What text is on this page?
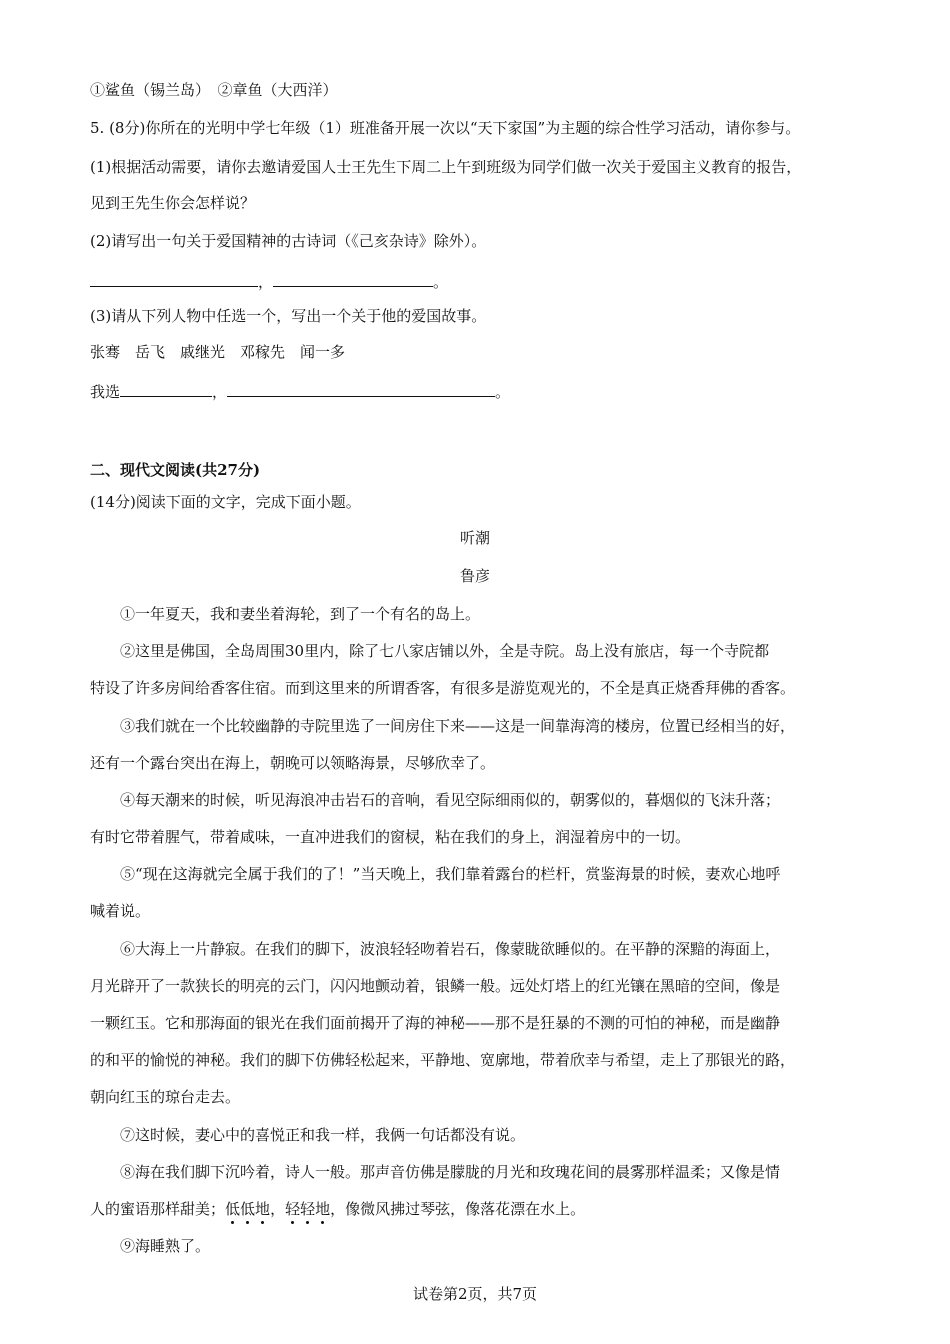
①鲨鱼（锡兰岛）　②章鱼（大西洋）
5. (8分)你所在的光明中学七年级（1）班准备开展一次以“天下家国”为主题的综合性学习活动，请你参与。
(1)根据活动需要，请你去邀请爱国人士王先生下周二上午到班级为同学们做一次关于爱国主义教育的报告，
见到王先生你会怎样说？
(2)请写出一句关于爱国精神的古诗词（《己亥杂诗》除外）。
，	。
(3)请从下列人物中任选一个，写出一个关于他的爱国故事。
张骞　岳飞　戚继光　邓稼先　闻一多
我选	，	。
二、现代文阅读(共27分)
(14分)阅读下面的文字，完成下面小题。
听潮
鲁彦
①一年夏天，我和妻坐着海轮，到了一个有名的岛上。
②这里是佛国，全岛周围30里内，除了七八家店铺以外，全是寺院。岛上没有旅店，每一个寺院都
特设了许多房间给香客住宿。而到这里来的所谓香客，有很多是游览观光的，不全是真正烧香拜佛的香客。
③我们就在一个比较幽静的寺院里选了一间房住下来——这是一间靠海湾的楼房，位置已经相当的好，
还有一个露台突出在海上，朝晚可以领略海景，尽够欣幸了。
④每天潮来的时候，听见海浪冲击岩石的音响，看见空际细雨似的，朝雾似的，暮烟似的飞沫升落；
有时它带着腥气，带着咸味，一直冲进我们的窗棂，粘在我们的身上，润湿着房中的一切。
⑤“现在这海就完全属于我们的了！”当天晚上，我们靠着露台的栏杆，赏鉴海景的时候，妻欢心地呼
喊着说。
⑥大海上一片静寂。在我们的脚下，波浪轻轻吻着岩石，像蒙眬欲睡似的。在平静的深黯的海面上，
月光辟开了一款狭长的明亮的云门，闪闪地颤动着，银鳞一般。远处灯塔上的红光镶在黑暗的空间，像是
一颗红玉。它和那海面的银光在我们面前揭开了海的神秘——那不是狂暴的不测的可怕的神秘，而是幽静
的和平的愉悦的神秘。我们的脚下仿佛轻松起来，平静地、宽廓地，带着欣幸与希望，走上了那银光的路，
朝向红玉的琼台走去。
⑦这时候，妻心中的喜悦正和我一样，我俩一句话都没有说。
⑧海在我们脚下沉吟着，诗人一般。那声音仿佛是朦胧的月光和玫瑰花间的晨雾那样温柔；又像是情
人的蜜语那样甜美；低低地，轻轻地，像微风拂过琴弦，像落花漂在水上。
⑨海睡熟了。
试卷第2页，共7页
